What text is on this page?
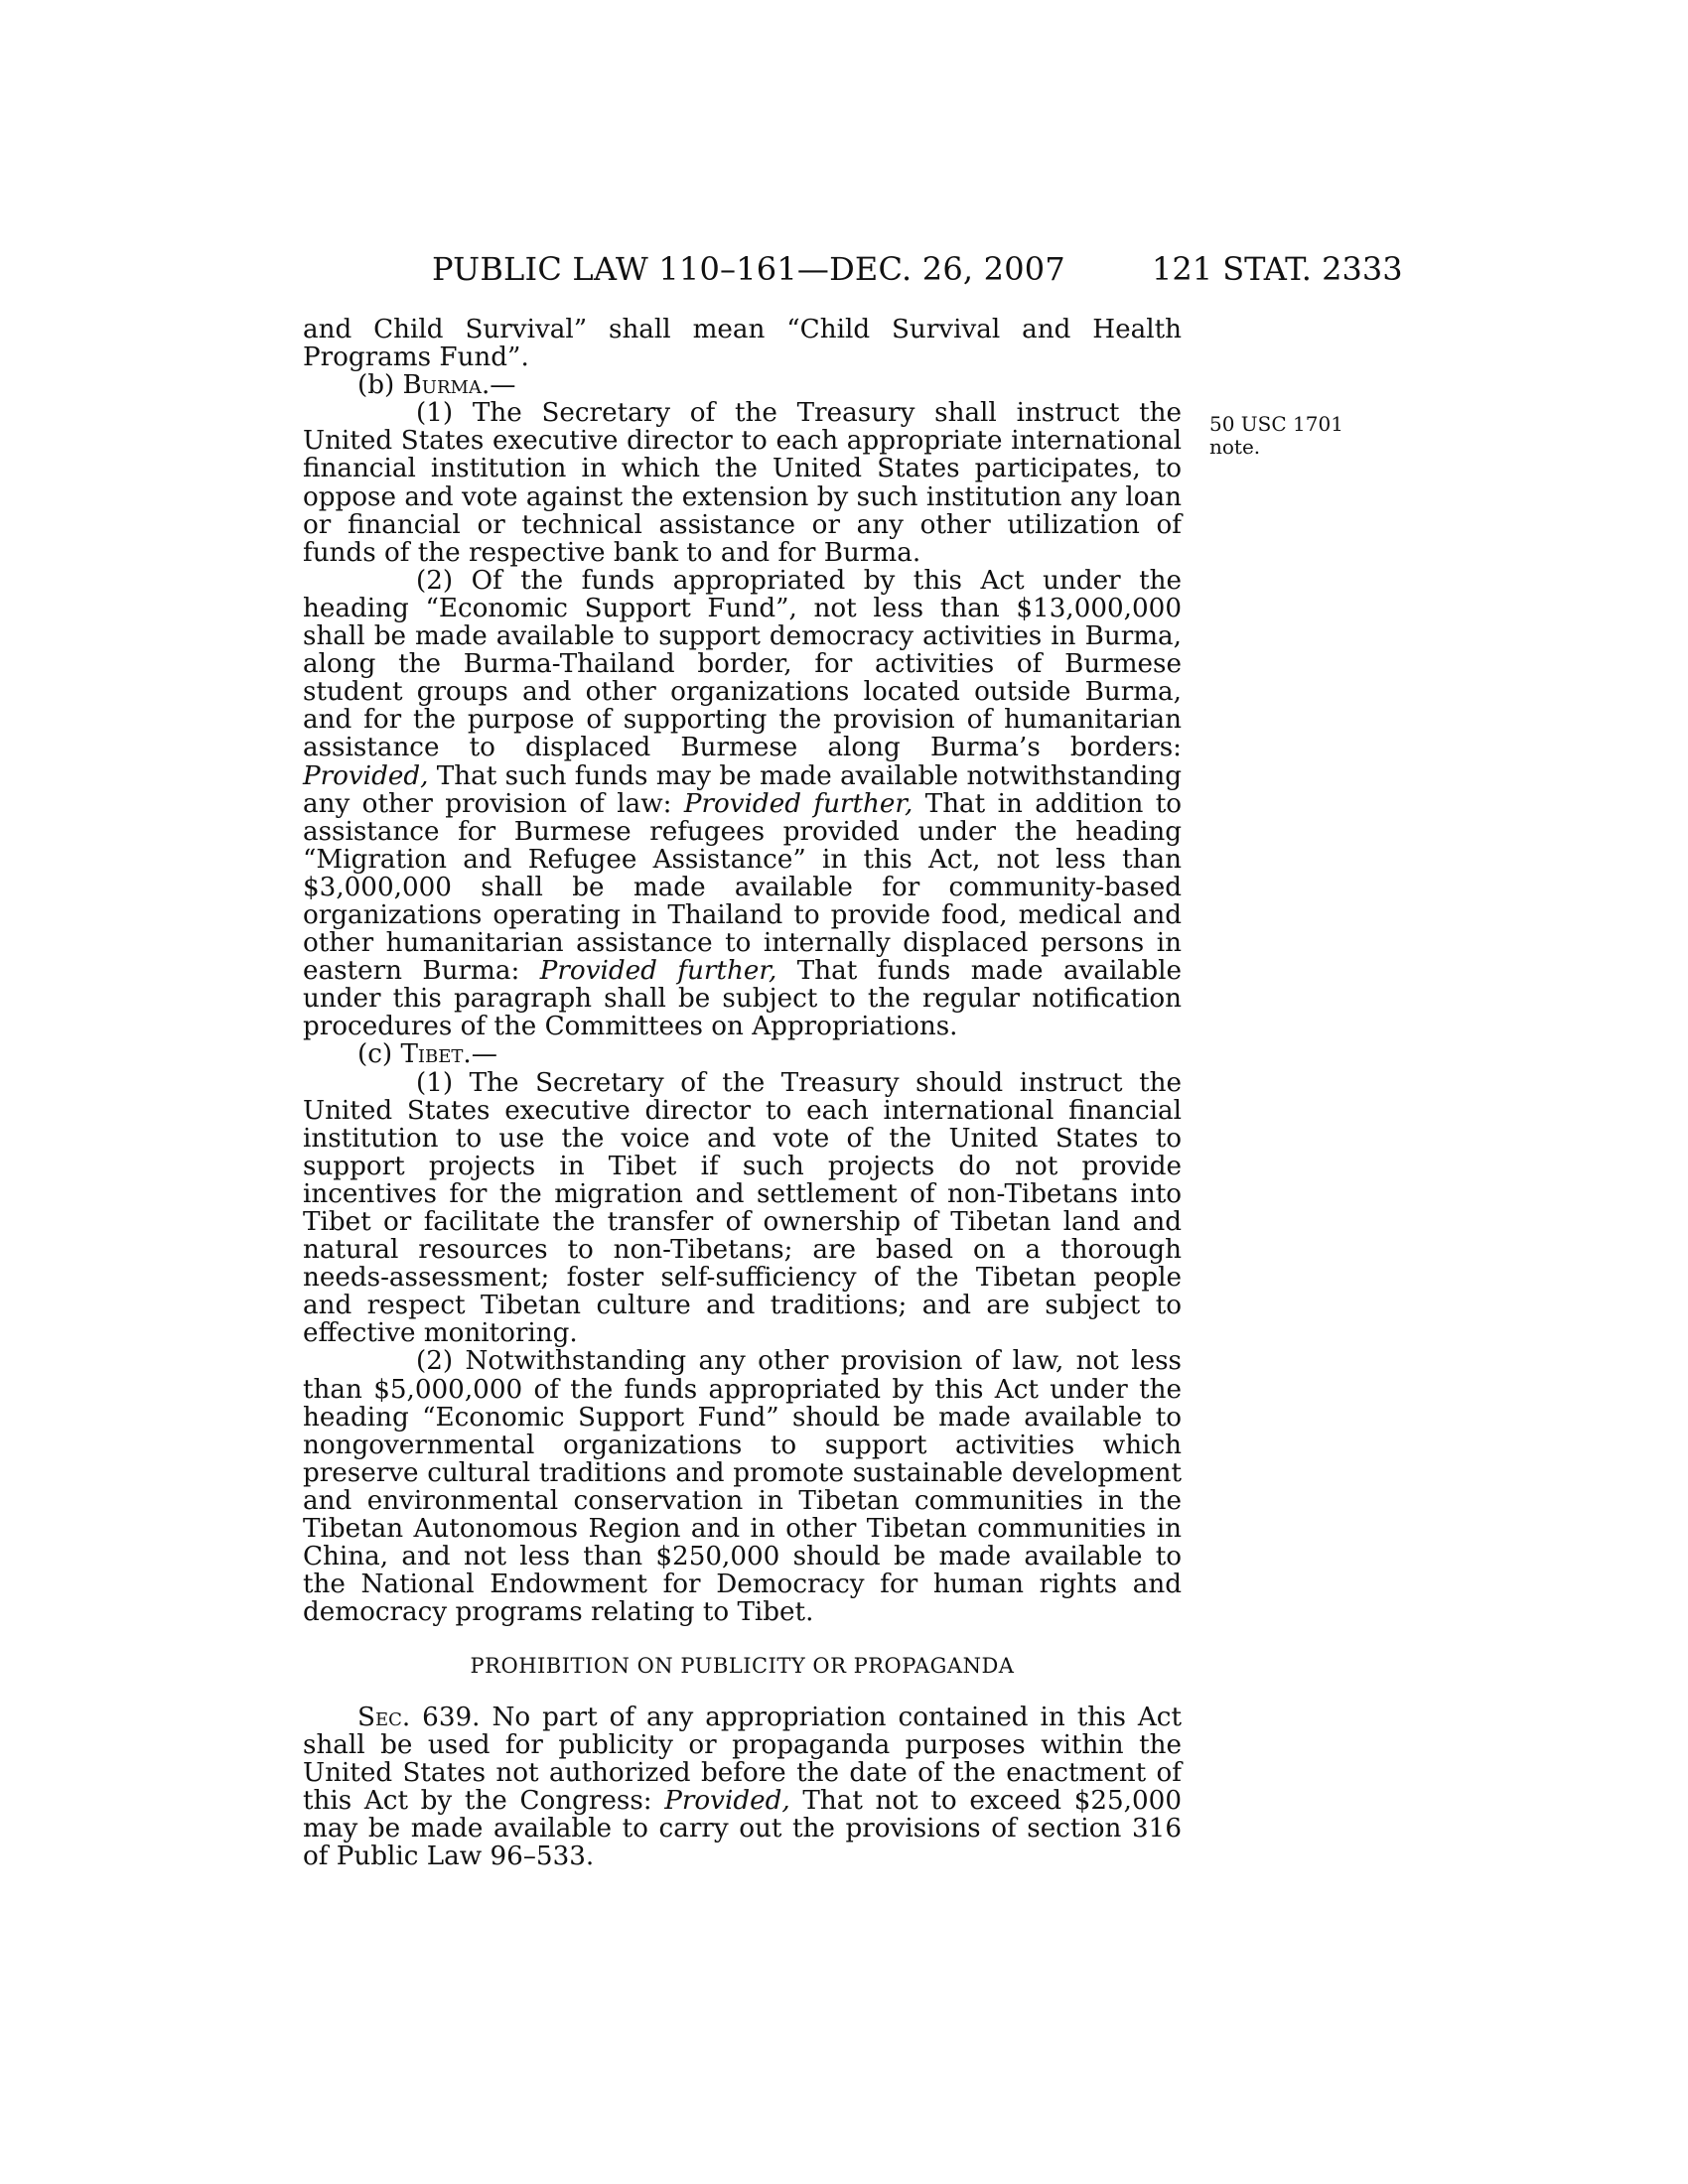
PUBLIC LAW 110–161—DEC. 26, 2007	121 STAT. 2333
50 USC 1701
note.

and Child Survival” shall mean “Child Survival and Health Programs Fund”.

(b) Burma.—

(1) The Secretary of the Treasury shall instruct the United States executive director to each appropriate international financial institution in which the United States participates, to oppose and vote against the extension by such institution any loan or financial or technical assistance or any other utilization of funds of the respective bank to and for Burma.

(2) Of the funds appropriated by this Act under the heading “Economic Support Fund”, not less than $13,000,000 shall be made available to support democracy activities in Burma, along the Burma-Thailand border, for activities of Burmese student groups and other organizations located outside Burma, and for the purpose of supporting the provision of humanitarian assistance to displaced Burmese along Burma’s borders: Provided, That such funds may be made available notwithstanding any other provision of law: Provided further, That in addition to assistance for Burmese refugees provided under the heading “Migration and Refugee Assistance” in this Act, not less than $3,000,000 shall be made available for community-based organizations operating in Thailand to provide food, medical and other humanitarian assistance to internally displaced persons in eastern Burma: Provided further, That funds made available under this paragraph shall be subject to the regular notification procedures of the Committees on Appropriations.

(c) Tibet.—

(1) The Secretary of the Treasury should instruct the United States executive director to each international financial institution to use the voice and vote of the United States to support projects in Tibet if such projects do not provide incentives for the migration and settlement of non-Tibetans into Tibet or facilitate the transfer of ownership of Tibetan land and natural resources to non-Tibetans; are based on a thorough needs-assessment; foster self-sufficiency of the Tibetan people and respect Tibetan culture and traditions; and are subject to effective monitoring.

(2) Notwithstanding any other provision of law, not less than $5,000,000 of the funds appropriated by this Act under the heading “Economic Support Fund” should be made available to nongovernmental organizations to support activities which preserve cultural traditions and promote sustainable development and environmental conservation in Tibetan communities in the Tibetan Autonomous Region and in other Tibetan communities in China, and not less than $250,000 should be made available to the National Endowment for Democracy for human rights and democracy programs relating to Tibet.

PROHIBITION ON PUBLICITY OR PROPAGANDA

Sec. 639. No part of any appropriation contained in this Act shall be used for publicity or propaganda purposes within the United States not authorized before the date of the enactment of this Act by the Congress: Provided, That not to exceed $25,000 may be made available to carry out the provisions of section 316 of Public Law 96–533.
